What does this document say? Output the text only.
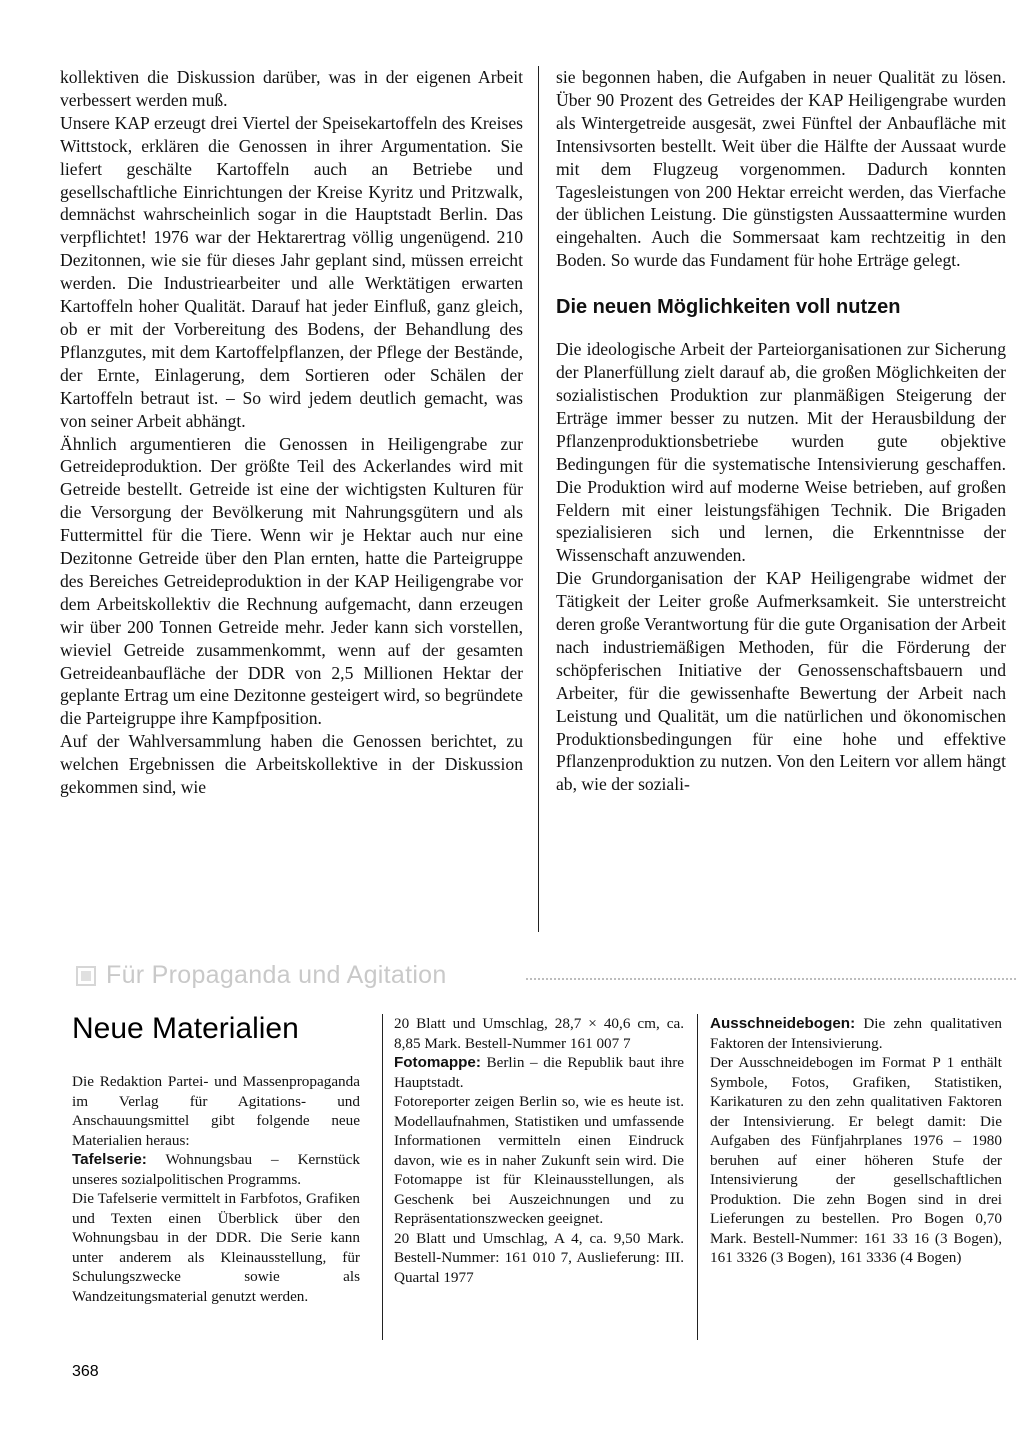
kollektiven die Diskussion darüber, was in der eigenen Arbeit verbessert werden muß.

Unsere KAP erzeugt drei Viertel der Speisekartoffeln des Kreises Wittstock, erklären die Genossen in ihrer Argumentation. Sie liefert geschälte Kartoffeln auch an Betriebe und gesellschaftliche Einrichtungen der Kreise Kyritz und Pritzwalk, demnächst wahrscheinlich sogar in die Hauptstadt Berlin. Das verpflichtet! 1976 war der Hektarertrag völlig ungenügend. 210 Dezitonnen, wie sie für dieses Jahr geplant sind, müssen erreicht werden. Die Industriearbeiter und alle Werktätigen erwarten Kartoffeln hoher Qualität. Darauf hat jeder Einfluß, ganz gleich, ob er mit der Vorbereitung des Bodens, der Behandlung des Pflanzgutes, mit dem Kartoffelpflanzen, der Pflege der Bestände, der Ernte, Einlagerung, dem Sortieren oder Schälen der Kartoffeln betraut ist. – So wird jedem deutlich gemacht, was von seiner Arbeit abhängt.

Ähnlich argumentieren die Genossen in Heiligengrabe zur Getreideproduktion. Der größte Teil des Ackerlandes wird mit Getreide bestellt. Getreide ist eine der wichtigsten Kulturen für die Versorgung der Bevölkerung mit Nahrungsgütern und als Futtermittel für die Tiere. Wenn wir je Hektar auch nur eine Dezitonne Getreide über den Plan ernten, hatte die Parteigruppe des Bereiches Getreideproduktion in der KAP Heiligengrabe vor dem Arbeitskollektiv die Rechnung aufgemacht, dann erzeugen wir über 200 Tonnen Getreide mehr. Jeder kann sich vorstellen, wieviel Getreide zusammenkommt, wenn auf der gesamten Getreideanbaufläche der DDR von 2,5 Millionen Hektar der geplante Ertrag um eine Dezitonne gesteigert wird, so begründete die Parteigruppe ihre Kampfposition.

Auf der Wahlversammlung haben die Genossen berichtet, zu welchen Ergebnissen die Arbeitskollektive in der Diskussion gekommen sind, wie

sie begonnen haben, die Aufgaben in neuer Qualität zu lösen. Über 90 Prozent des Getreides der KAP Heiligengrabe wurden als Wintergetreide ausgesät, zwei Fünftel der Anbaufläche mit Intensivsorten bestellt. Weit über die Hälfte der Aussaat wurde mit dem Flugzeug vorgenommen. Dadurch konnten Tagesleistungen von 200 Hektar erreicht werden, das Vierfache der üblichen Leistung. Die günstigsten Aussaattermine wurden eingehalten. Auch die Sommersaat kam rechtzeitig in den Boden. So wurde das Fundament für hohe Erträge gelegt.

Die neuen Möglichkeiten voll nutzen

Die ideologische Arbeit der Parteiorganisationen zur Sicherung der Planerfüllung zielt darauf ab, die großen Möglichkeiten der sozialistischen Produktion zur planmäßigen Steigerung der Erträge immer besser zu nutzen. Mit der Herausbildung der Pflanzenproduktionsbetriebe wurden gute objektive Bedingungen für die systematische Intensivierung geschaffen. Die Produktion wird auf moderne Weise betrieben, auf großen Feldern mit einer leistungsfähigen Technik. Die Brigaden spezialisieren sich und lernen, die Erkenntnisse der Wissenschaft anzuwenden.

Die Grundorganisation der KAP Heiligengrabe widmet der Tätigkeit der Leiter große Aufmerksamkeit. Sie unterstreicht deren große Verantwortung für die gute Organisation der Arbeit nach industriemäßigen Methoden, für die Förderung der schöpferischen Initiative der Genossenschaftsbauern und Arbeiter, für die gewissenhafte Bewertung der Arbeit nach Leistung und Qualität, um die natürlichen und ökonomischen Produktionsbedingungen für eine hohe und effektive Pflanzenproduktion zu nutzen. Von den Leitern vor allem hängt ab, wie der soziali-

Für Propaganda und Agitation
Neue Materialien

Die Redaktion Partei- und Massenpropaganda im Verlag für Agitations- und Anschauungsmittel gibt folgende neue Materialien heraus:

Tafelserie: Wohnungsbau – Kernstück unseres sozialpolitischen Programms.

Die Tafelserie vermittelt in Farbfotos, Grafiken und Texten einen Überblick über den Wohnungsbau in der DDR. Die Serie kann unter anderem als Kleinausstellung, für Schulungszwecke sowie als Wandzeitungsmaterial genutzt werden.

20 Blatt und Umschlag, 28,7 × 40,6 cm, ca. 8,85 Mark. Bestell-Nummer 161 007 7

Fotomappe: Berlin – die Republik baut ihre Hauptstadt.

Fotoreporter zeigen Berlin so, wie es heute ist. Modellaufnahmen, Statistiken und umfassende Informationen vermitteln einen Eindruck davon, wie es in naher Zukunft sein wird. Die Fotomappe ist für Kleinausstellungen, als Geschenk bei Auszeichnungen und zu Repräsentationszwecken geeignet.

20 Blatt und Umschlag, A 4, ca. 9,50 Mark. Bestell-Nummer: 161 010 7, Auslieferung: III. Quartal 1977

Ausschneidebogen: Die zehn qualitativen Faktoren der Intensivierung.

Der Ausschneidebogen im Format P 1 enthält Symbole, Fotos, Grafiken, Statistiken, Karikaturen zu den zehn qualitativen Faktoren der Intensivierung. Er belegt damit: Die Aufgaben des Fünfjahrplanes 1976 – 1980 beruhen auf einer höheren Stufe der Intensivierung der gesellschaftlichen Produktion. Die zehn Bogen sind in drei Lieferungen zu bestellen. Pro Bogen 0,70 Mark. Bestell-Nummer: 161 33 16 (3 Bogen), 161 3326 (3 Bogen), 161 3336 (4 Bogen)

368
